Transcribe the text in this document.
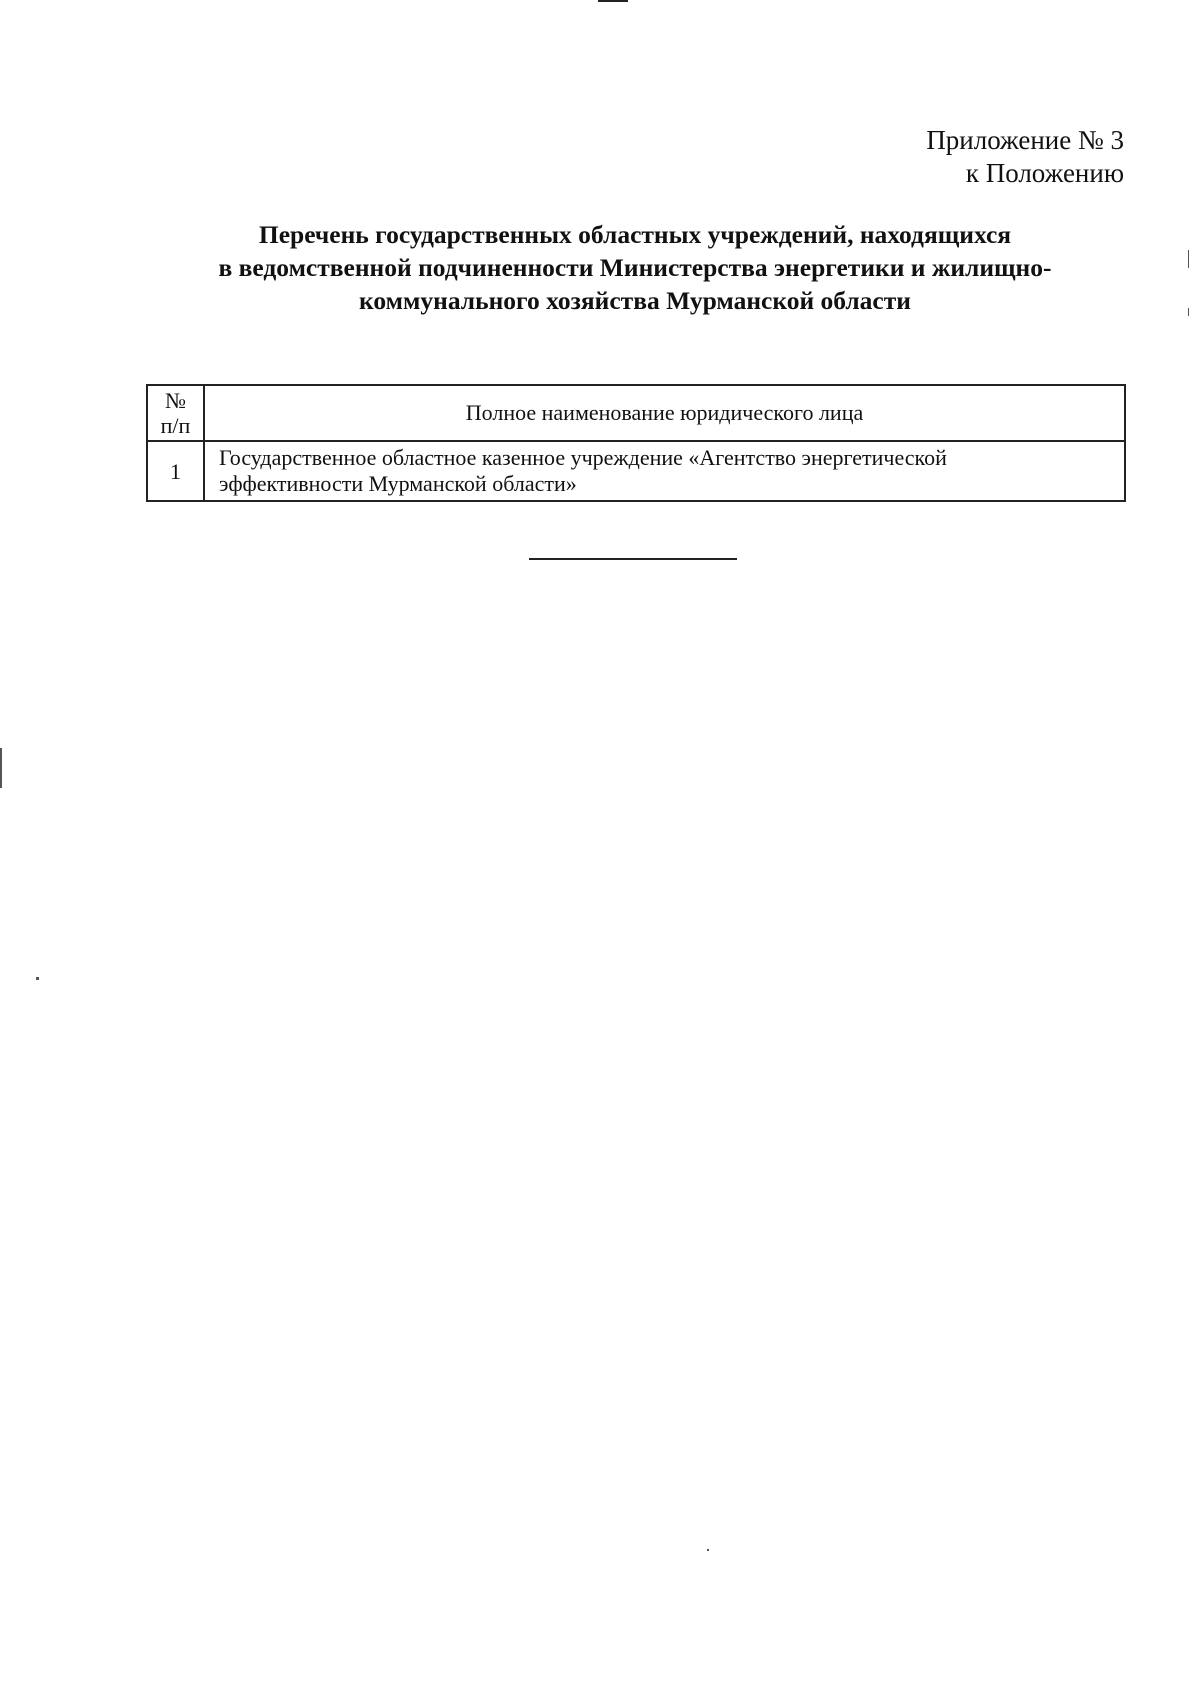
Приложение № 3
к Положению
Перечень государственных областных учреждений, находящихся
в ведомственной подчиненности Министерства энергетики и жилищно-
коммунального хозяйства Мурманской области
№
п/п	Полное наименование юридического лица
1	Государственное областное казенное учреждение «Агентство энергетической
эффективности Мурманской области»
